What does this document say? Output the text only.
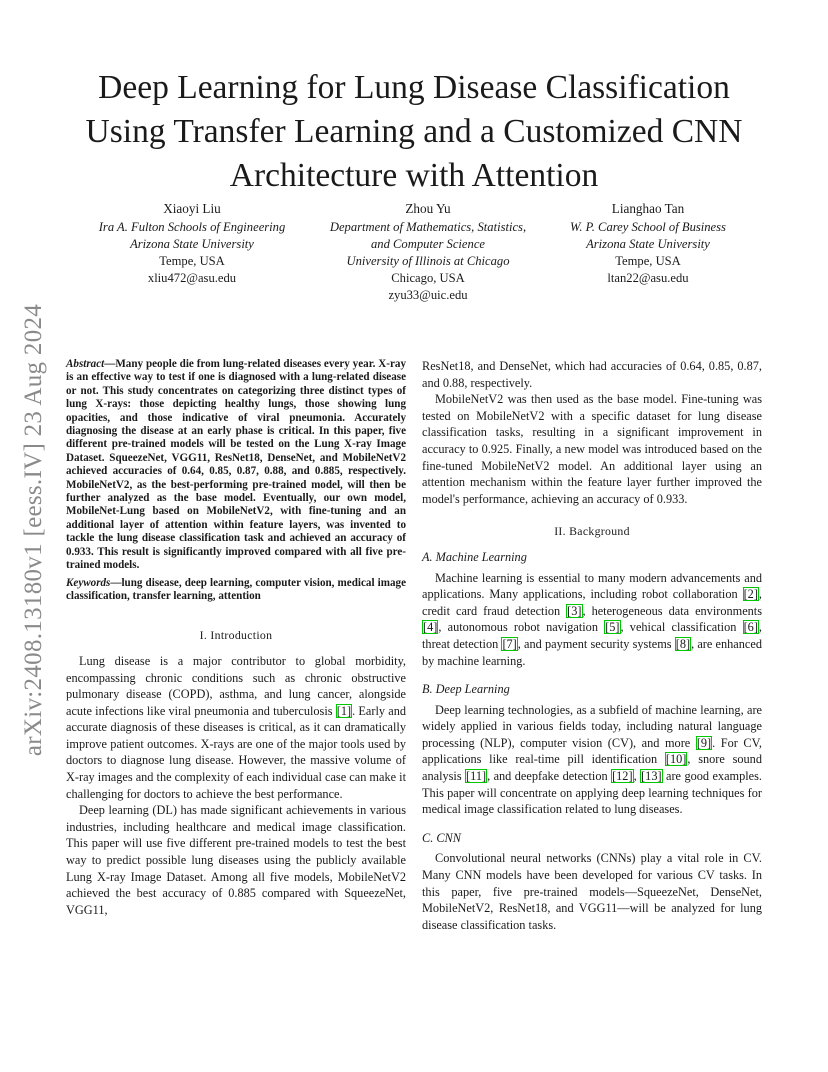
arXiv:2408.13180v1 [eess.IV] 23 Aug 2024
Deep Learning for Lung Disease Classification
Using Transfer Learning and a Customized CNN
Architecture with Attention
Xiaoyi Liu
Ira A. Fulton Schools of Engineering
Arizona State University
Tempe, USA
xliu472@asu.edu
Zhou Yu
Department of Mathematics, Statistics,
and Computer Science
University of Illinois at Chicago
Chicago, USA
zyu33@uic.edu
Lianghao Tan
W. P. Carey School of Business
Arizona State University
Tempe, USA
ltan22@asu.edu

Abstract—Many people die from lung-related diseases every year. X-ray is an effective way to test if one is diagnosed with a lung-related disease or not. This study concentrates on categorizing three distinct types of lung X-rays: those depicting healthy lungs, those showing lung opacities, and those indicative of viral pneumonia. Accurately diagnosing the disease at an early phase is critical. In this paper, five different pre-trained models will be tested on the Lung X-ray Image Dataset. SqueezeNet, VGG11, ResNet18, DenseNet, and MobileNetV2 achieved accuracies of 0.64, 0.85, 0.87, 0.88, and 0.885, respectively. MobileNetV2, as the best-performing pre-trained model, will then be further analyzed as the base model. Eventually, our own model, MobileNet-Lung based on MobileNetV2, with fine-tuning and an additional layer of attention within feature layers, was invented to tackle the lung disease classification task and achieved an accuracy of 0.933. This result is significantly improved compared with all five pre-trained models.

Keywords—lung disease, deep learning, computer vision, medical image classification, transfer learning, attention

I. Introduction

Lung disease is a major contributor to global morbidity, encompassing chronic conditions such as chronic obstructive pulmonary disease (COPD), asthma, and lung cancer, alongside acute infections like viral pneumonia and tuberculosis [1]. Early and accurate diagnosis of these diseases is critical, as it can dramatically improve patient outcomes. X-rays are one of the major tools used by doctors to diagnose lung disease. However, the massive volume of X-ray images and the complexity of each individual case can make it challenging for doctors to achieve the best performance.

Deep learning (DL) has made significant achievements in various industries, including healthcare and medical image classification. This paper will use five different pre-trained models to test the best way to predict possible lung diseases using the publicly available Lung X-ray Image Dataset. Among all five models, MobileNetV2 achieved the best accuracy of 0.885 compared with SqueezeNet, VGG11,

ResNet18, and DenseNet, which had accuracies of 0.64, 0.85, 0.87, and 0.88, respectively.

MobileNetV2 was then used as the base model. Fine-tuning was tested on MobileNetV2 with a specific dataset for lung disease classification tasks, resulting in a significant improvement in accuracy to 0.925. Finally, a new model was introduced based on the fine-tuned MobileNetV2 model. An additional layer using an attention mechanism within the feature layer further improved the model's performance, achieving an accuracy of 0.933.

II. Background
A. Machine Learning

Machine learning is essential to many modern advancements and applications. Many applications, including robot collaboration [2], credit card fraud detection [3], heterogeneous data environments [4], autonomous robot navigation [5], vehical classification [6], threat detection [7], and payment security systems [8], are enhanced by machine learning.

B. Deep Learning

Deep learning technologies, as a subfield of machine learning, are widely applied in various fields today, including natural language processing (NLP), computer vision (CV), and more [9]. For CV, applications like real-time pill identification [10], snore sound analysis [11], and deepfake detection [12], [13] are good examples. This paper will concentrate on applying deep learning techniques for medical image classification related to lung diseases.

C. CNN

Convolutional neural networks (CNNs) play a vital role in CV. Many CNN models have been developed for various CV tasks. In this paper, five pre-trained models—SqueezeNet, DenseNet, MobileNetV2, ResNet18, and VGG11—will be analyzed for lung disease classification tasks.
